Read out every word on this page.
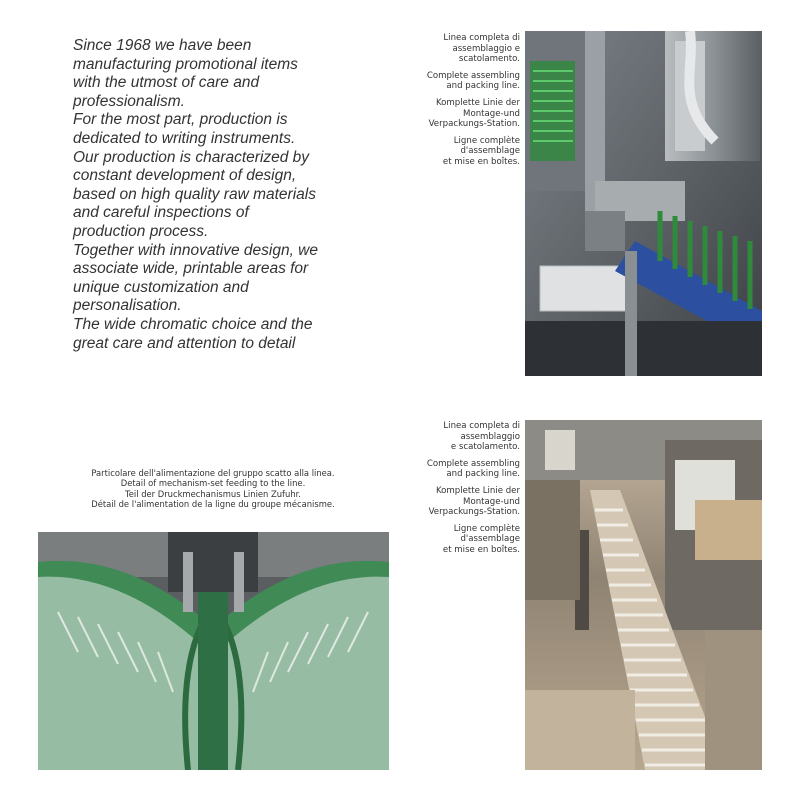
Since 1968 we have been
manufacturing promotional items
with the utmost of care and
professionalism.
For the most part, production is
dedicated to writing instruments.
Our production is characterized by
constant development of design,
based on high quality raw materials
and careful inspections of
production process.
Together with innovative design, we
associate wide, printable areas for
unique customization and
personalisation.
The wide chromatic choice and the
great care and attention to detail

Linea completa di
assemblaggio e
scatolamento.

Complete assembling
and packing line.

Komplette Linie der
Montage-und
Verpackungs-Station.

Ligne complète
d'assemblage
et mise en boîtes.

Linea completa di
assemblaggio
e scatolamento.

Complete assembling
and packing line.

Komplette Linie der
Montage-und
Verpackungs-Station.

Ligne complète
d'assemblage
et mise en boîtes.

Particolare dell'alimentazione del gruppo scatto alla linea.
Detail of mechanism-set feeding to the line.
Teil der Druckmechanismus Linien Zufuhr.
Détail de l'alimentation de la ligne du groupe mécanisme.
